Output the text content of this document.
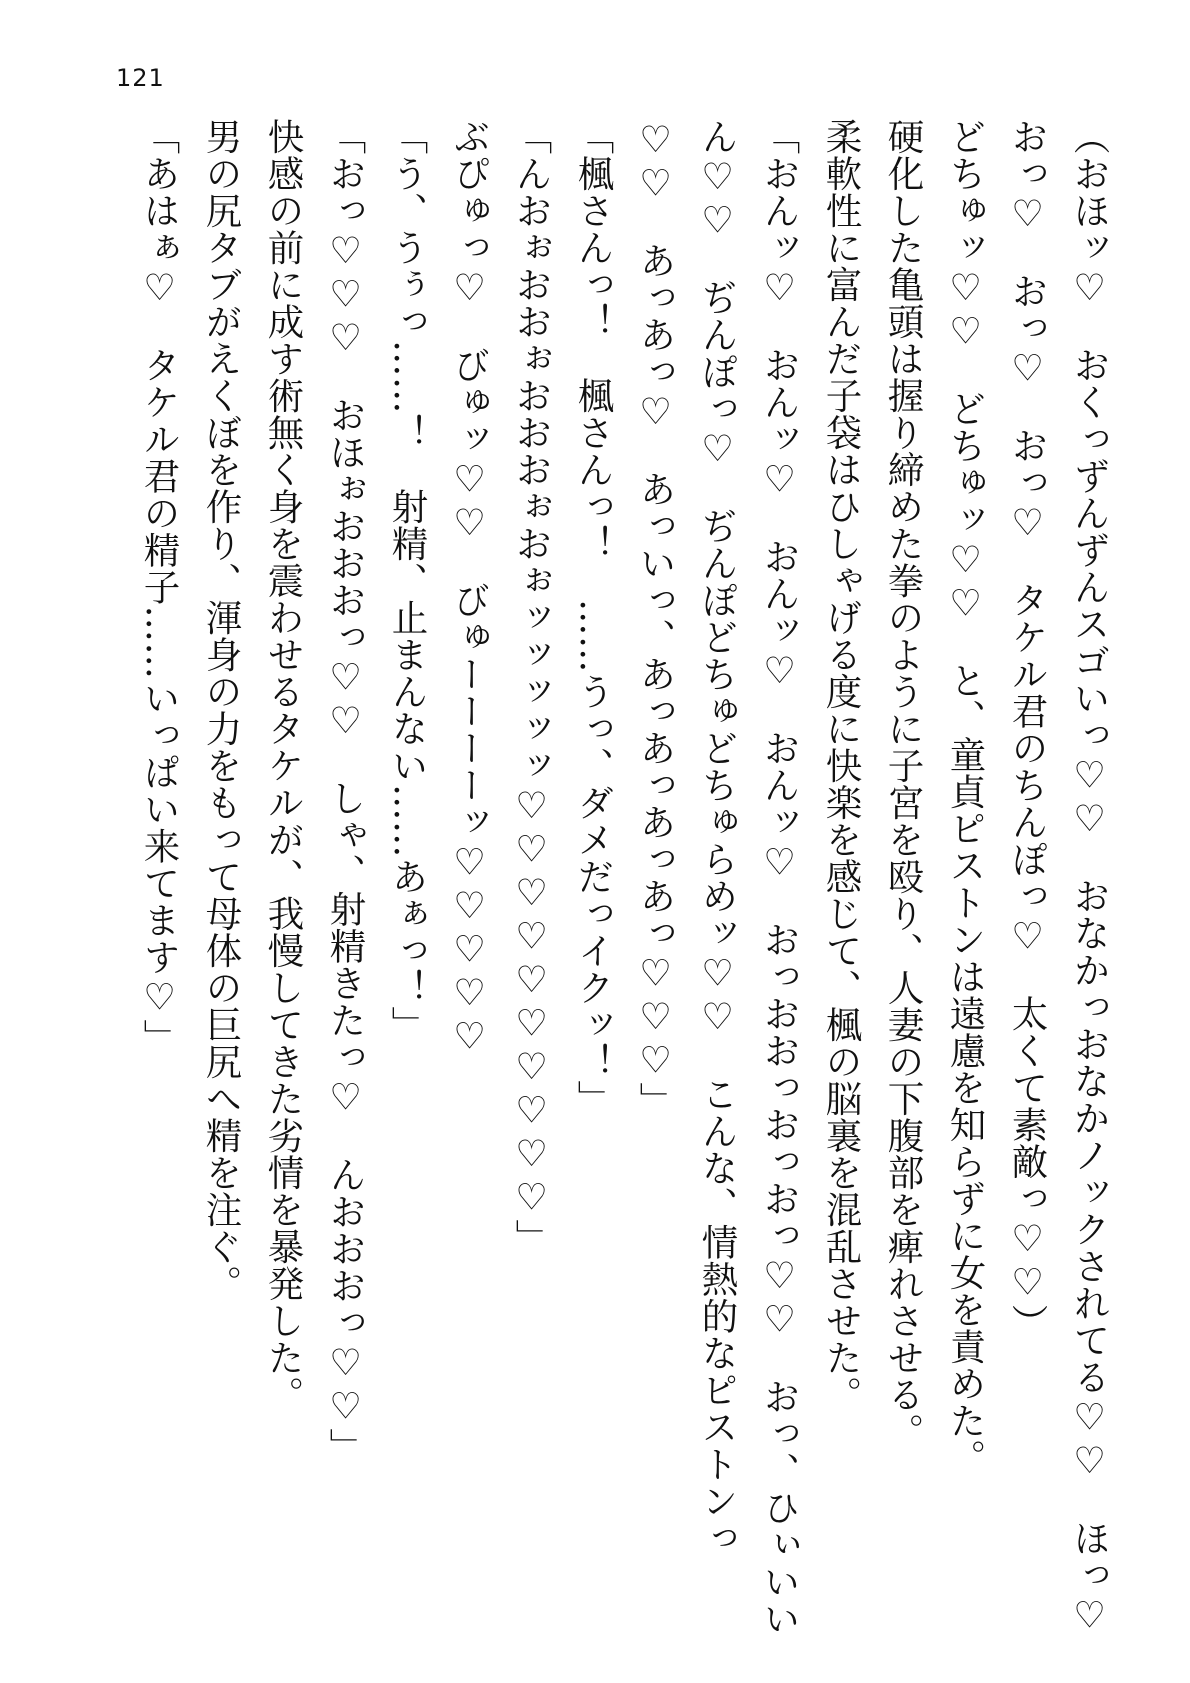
121

（おほッ♡　おくっずんずんスゴいっ♡♡　おなかっおなかノックされてる♡♡　ほっ♡　おっ♡　おっ♡　おっ♡　タケル君のちんぽっ♡　太くて素敵っ♡♡）

どちゅッ♡♡　どちゅッ♡♡　と、童貞ピストンは遠慮を知らずに女を責めた。

硬化した亀頭は握り締めた拳のように子宮を殴り、人妻の下腹部を痺れさせる。

柔軟性に富んだ子袋はひしゃげる度に快楽を感じて、楓の脳裏を混乱させた。

「おんッ♡　おんッ♡　おんッ♡　おんッ♡　おっおおっおっおっ♡♡　おっ、ひぃいいん♡♡　ぢんぽっ♡　ぢんぽどちゅどちゅらめッ♡♡　こんな、情熱的なピストンっ♡♡　あっあっ♡　あっいっ、あっあっあっあっ♡♡♡」

「楓さんっ！　楓さんっ！　……うっ、ダメだっイクッ！」

「んおぉおおぉおおおぉおぉッッッッッ♡♡♡♡♡♡♡♡♡♡」

ぶぴゅっ♡　びゅッ♡♡　びゅーーーーッ♡♡♡♡♡

「う、うぅっ……！　射精、止まんない……あぁっ！」

「おっ♡♡♡　おほぉおおおっ♡♡　しゃ、射精きたっ♡　んおおおっ♡♡」

快感の前に成す術無く身を震わせるタケルが、我慢してきた劣情を暴発した。

男の尻タブがえくぼを作り、渾身の力をもって母体の巨尻へ精を注ぐ。

「あはぁ♡　タケル君の精子……いっぱい来てます♡」
